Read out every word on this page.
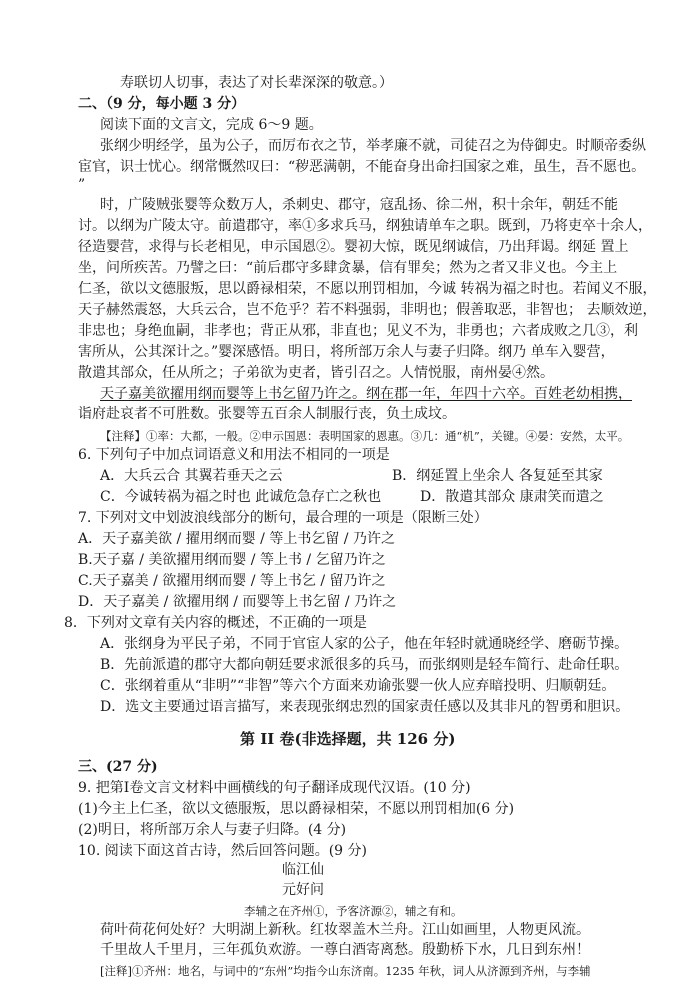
寿联切人切事，表达了对长辈深深的敬意。）
二、（9 分，每小题 3 分）
阅读下面的文言文，完成 6～9 题。
张纲少明经学，虽为公子，而厉布衣之节，举孝廉不就，司徒召之为侍御史。时顺帝委纵
宦官，识士忧心。纲常慨然叹曰：“秽恶满朝，不能奋身出命扫国家之难，虽生，吾不愿也。
”
时，广陵贼张婴等众数万人，杀刺史、郡守，寇乱扬、徐二州，积十余年，朝廷不能
讨。以纲为广陵太守。前遣郡守，率①多求兵马，纲独请单车之职。既到，乃将吏卒十余人，
径造婴营，求得与长老相见，申示国恩②。婴初大惊，既见纲诚信，乃出拜谒。纲延 置上
坐，问所疾苦。乃譬之曰：“前后郡守多肆贪暴，信有罪矣；然为之者又非义也。今主上
仁圣，欲以文德服叛，思以爵禄相荣，不愿以刑罚相加，今诚 转祸为福之时也。若闻义不服，
天子赫然震怒，大兵云合，岂不危乎？若不料强弱，非明也；假善取恶，非智也； 去顺效逆，
非忠也；身绝血嗣，非孝也；背正从邪，非直也；见义不为，非勇也；六者成败之几③，利
害所从，公其深计之。”婴深感悟。明日，将所部万余人与妻子归降。纲乃 单车入婴营，
散遣其部众，任从所之；子弟欲为吏者，皆引召之。人情悦服，南州晏④然。
天子嘉美欲擢用纲而婴等上书乞留乃许之。纲在郡一年，年四十六卒。百姓老幼相携，
诣府赴哀者不可胜数。张婴等五百余人制服行丧，负土成坟。
【注释】①率：大都，一般。②申示国恩：表明国家的恩惠。③几：通“机”，关键。④晏：安然，太平。
6. 下列句子中加点词语意义和用法不相同的一项是
A．大兵云合 其翼若垂天之云	B．纲延置上坐余人 各复延至其家
C．今诚转祸为福之时也 此诚危急存亡之秋也	D．散遣其部众 康肃笑而遣之
7. 下列对文中划波浪线部分的断句，最合理的一项是（限断三处）
A．天子嘉美欲 / 擢用纲而婴 / 等上书乞留 / 乃许之
B.天子嘉 / 美欲擢用纲而婴 / 等上书 / 乞留乃许之
C.天子嘉美 / 欲擢用纲而婴 / 等上书乞 / 留乃许之
D．天子嘉美 / 欲擢用纲 / 而婴等上书乞留 / 乃许之
8．下列对文章有关内容的概述，不正确的一项是
A．张纲身为平民子弟，不同于官宦人家的公子，他在年轻时就通晓经学、磨砺节操。
B．先前派遣的郡守大都向朝廷要求派很多的兵马，而张纲则是轻车简行、赴命任职。
C．张纲着重从“非明”“非智”等六个方面来劝谕张婴一伙人应弃暗投明、归顺朝廷。
D．选文主要通过语言描写，来表现张纲忠烈的国家责任感以及其非凡的智勇和胆识。
第 II 卷(非选择题，共 126 分)
三、(27 分)
9. 把第Ⅰ卷文言文材料中画横线的句子翻译成现代汉语。(10 分)
(1)今主上仁圣，欲以文德服叛，思以爵禄相荣，不愿以刑罚相加(6 分)
(2)明日，将所部万余人与妻子归降。(4 分)
10. 阅读下面这首古诗，然后回答问题。(9 分)
临江仙
元好问
李辅之在齐州①，予客济源②，辅之有和。
荷叶荷花何处好？大明湖上新秋。红妆翠盖木兰舟。江山如画里，人物更风流。
千里故人千里月，三年孤负欢游。一尊白酒寄离愁。殷勤桥下水，几日到东州！
[注释]①齐州：地名，与词中的“东州”均指今山东济南。1235 年秋，词人从济源到齐州，与李辅
